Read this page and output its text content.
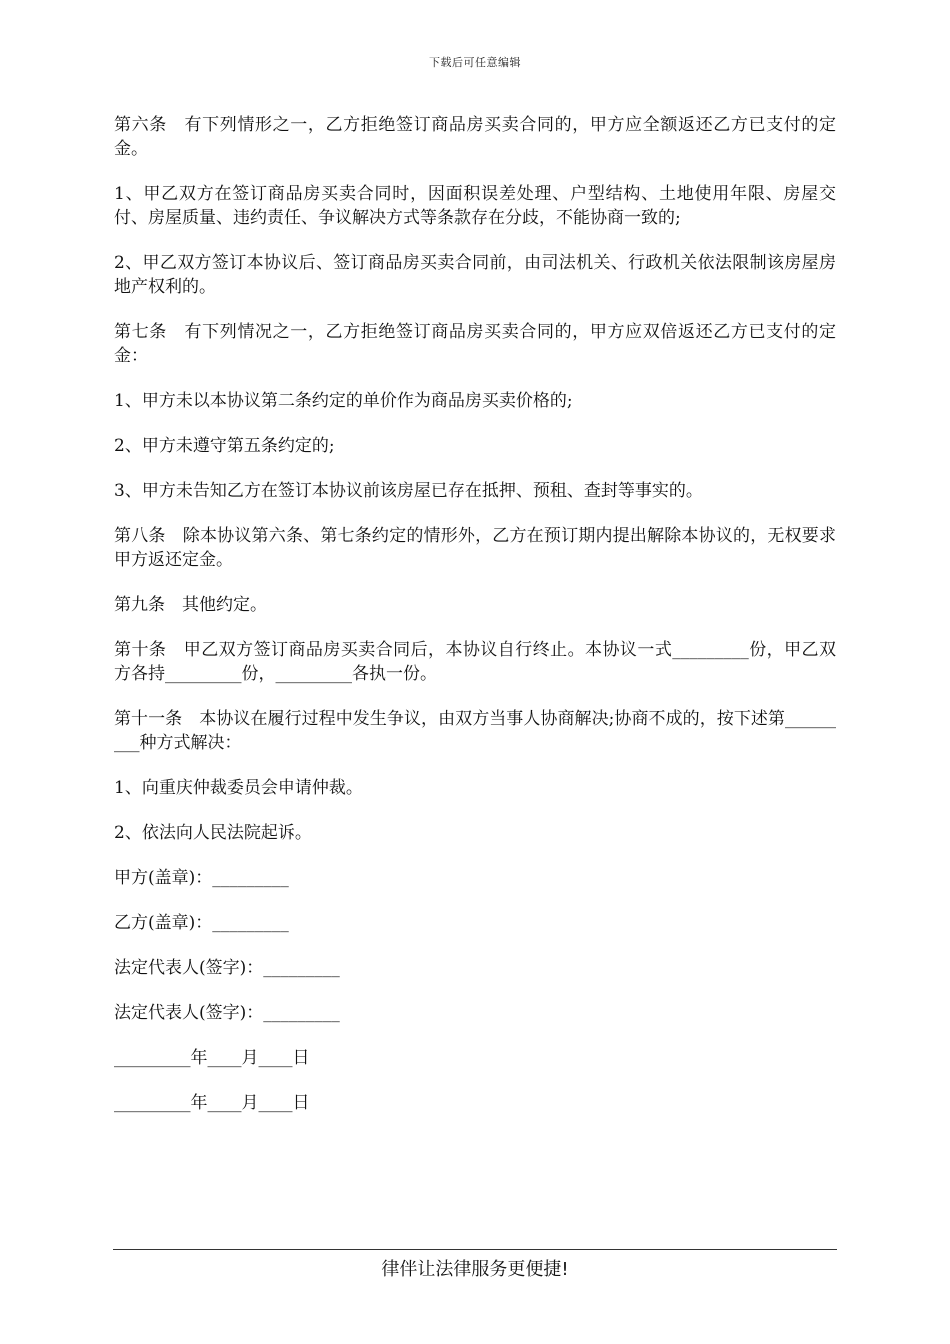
下载后可任意编辑

第六条　有下列情形之一，乙方拒绝签订商品房买卖合同的，甲方应全额返还乙方已支付的定金。

1、甲乙双方在签订商品房买卖合同时，因面积误差处理、户型结构、土地使用年限、房屋交付、房屋质量、违约责任、争议解决方式等条款存在分歧，不能协商一致的;

2、甲乙双方签订本协议后、签订商品房买卖合同前，由司法机关、行政机关依法限制该房屋房地产权利的。

第七条　有下列情况之一，乙方拒绝签订商品房买卖合同的，甲方应双倍返还乙方已支付的定金：

1、甲方未以本协议第二条约定的单价作为商品房买卖价格的;

2、甲方未遵守第五条约定的;

3、甲方未告知乙方在签订本协议前该房屋已存在抵押、预租、查封等事实的。

第八条　除本协议第六条、第七条约定的情形外，乙方在预订期内提出解除本协议的，无权要求甲方返还定金。

第九条　其他约定。

第十条　甲乙双方签订商品房买卖合同后，本协议自行终止。本协议一式_________份，甲乙双方各持_________份，_________各执一份。

第十一条　本协议在履行过程中发生争议，由双方当事人协商解决;协商不成的，按下述第_________种方式解决：

1、向重庆仲裁委员会申请仲裁。

2、依法向人民法院起诉。

甲方(盖章)：_________

乙方(盖章)：_________

法定代表人(签字)：_________

法定代表人(签字)：_________

_________年____月____日

_________年____月____日

律伴让法律服务更便捷!
